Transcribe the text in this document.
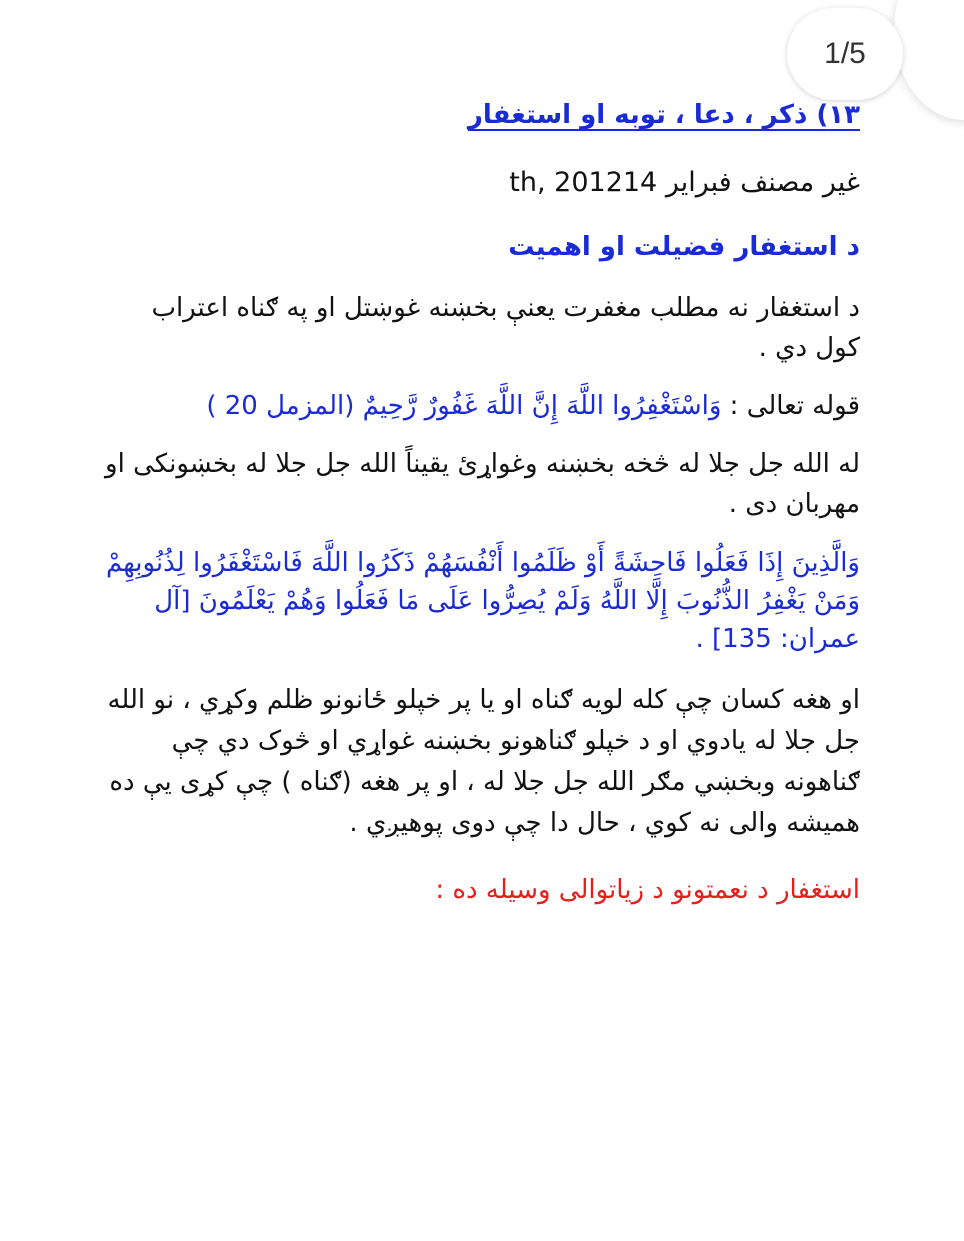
1/5

١٣) ذکر ، دعا ، توبه او استغفار

غير مصنف فبراير th, 201214

د استغفار فضیلت او اهمیت

د استغفار نه مطلب مغفرت يعنې بخښنه غوښتل او په ګناه اعتراب کول دي .

قوله تعالی : وَاسْتَغْفِرُوا اللَّهَ إِنَّ اللَّهَ غَفُورٌ رَّحِيمٌ (المزمل 20 )

له الله جل جلا له څخه بخښنه وغواړئ يقيناً الله جل جلا له بخښونکی او مهربان دی .

وَالَّذِينَ إِذَا فَعَلُوا فَاحِشَةً أَوْ ظَلَمُوا أَنْفُسَهُمْ ذَكَرُوا اللَّهَ فَاسْتَغْفَرُوا لِذُنُوبِهِمْ وَمَنْ يَغْفِرُ الذُّنُوبَ إِلَّا اللَّهُ وَلَمْ يُصِرُّوا عَلَى مَا فَعَلُوا وَهُمْ يَعْلَمُونَ [آل عمران: 135] .

او هغه کسان چې کله لويه ګناه او يا پر خپلو ځانونو ظلم وکړي ، نو الله جل جلا له يادوي او د خپلو ګناهونو بخښنه غواړي او څوک دي چې ګناهونه وبخښي مګر الله جل جلا له ، او پر هغه (ګناه ) چې کړی يې ده هميشه والی نه کوي ، حال دا چې دوی پوهيږي .

استغفار د نعمتونو د زياتوالی وسيله ده :
